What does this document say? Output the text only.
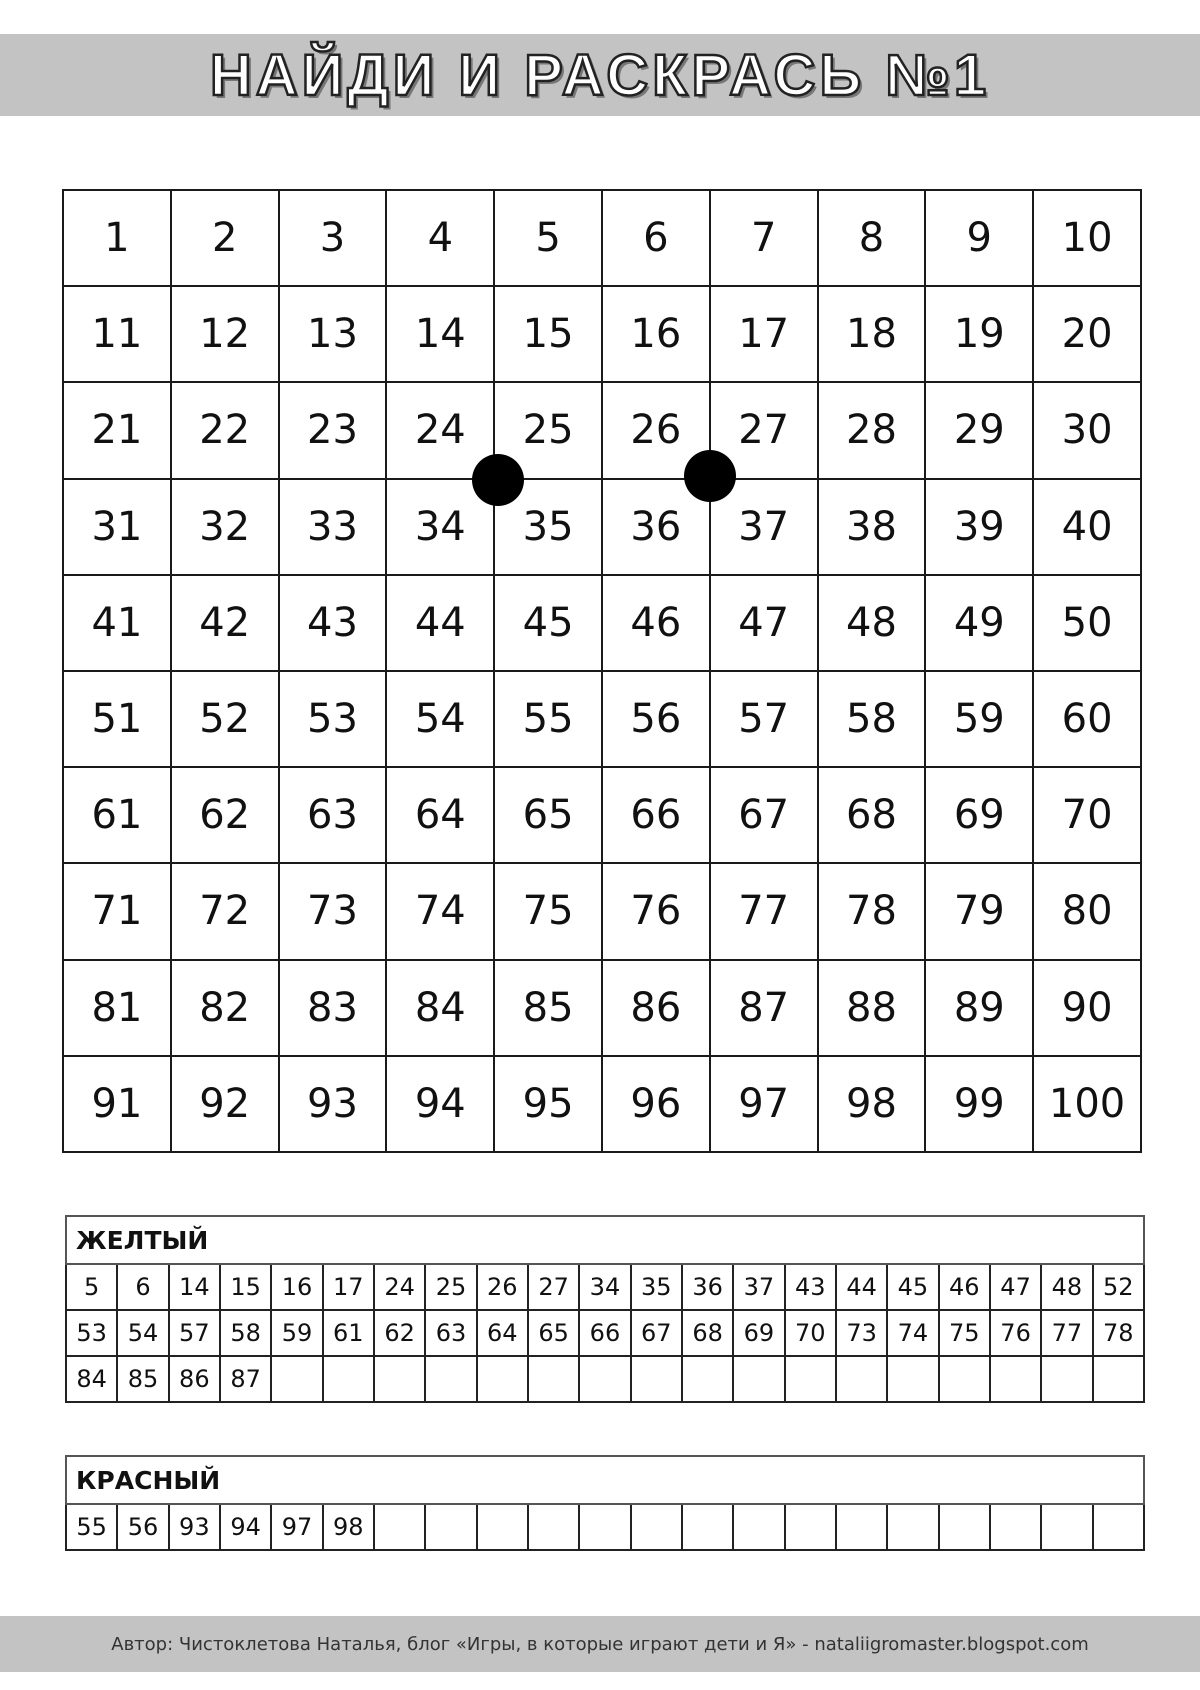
НАЙДИ И РАСКРАСЬ №1
1	2	3	4	5	6	7	8	9	10
11	12	13	14	15	16	17	18	19	20
21	22	23	24	25	26	27	28	29	30
31	32	33	34	35	36	37	38	39	40
41	42	43	44	45	46	47	48	49	50
51	52	53	54	55	56	57	58	59	60
61	62	63	64	65	66	67	68	69	70
71	72	73	74	75	76	77	78	79	80
81	82	83	84	85	86	87	88	89	90
91	92	93	94	95	96	97	98	99	100
ЖЕЛТЫЙ																				
5	6	14	15	16	17	24	25	26	27	34	35	36	37	43	44	45	46	47	48	52
53	54	57	58	59	61	62	63	64	65	66	67	68	69	70	73	74	75	76	77	78
84	85	86	87																	
КРАСНЫЙ
55	56	93	94	97	98															
Автор: Чистоклетова Наталья, блог «Игры, в которые играют дети и Я» - nataliigromaster.blogspot.com
